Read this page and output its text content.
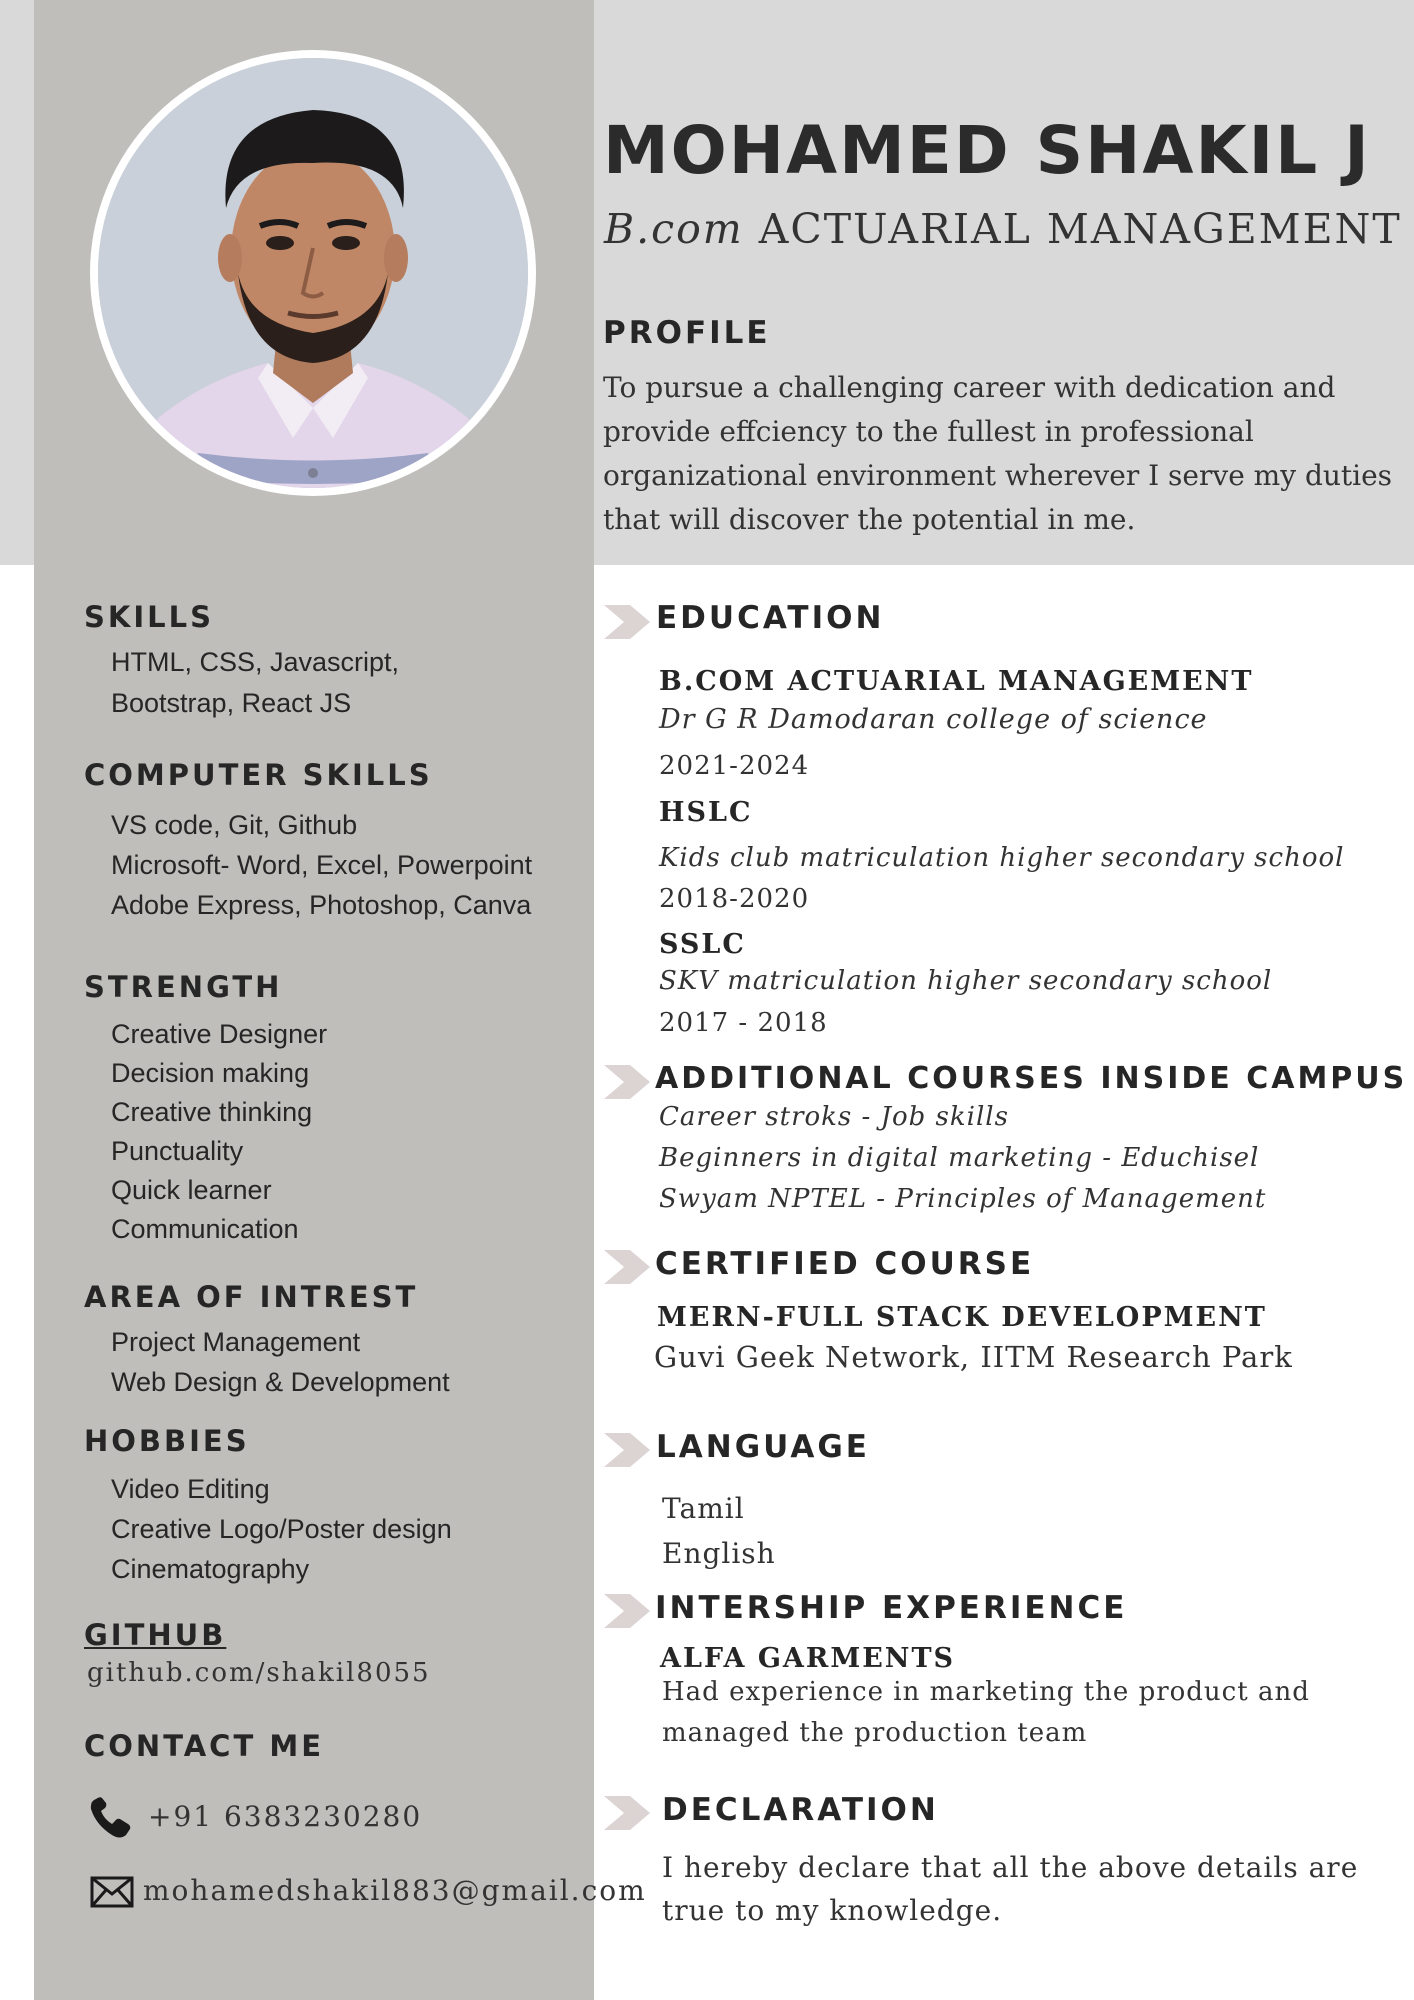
MOHAMED SHAKIL J
B.com ACTUARIAL MANAGEMENT
PROFILE

To pursue a challenging career with dedication and provide effciency to the fullest in professional organizational environment wherever I serve my duties that will discover the potential in me.

SKILLS
HTML, CSS, Javascript,
Bootstrap, React JS
COMPUTER SKILLS
VS code, Git, Github
Microsoft- Word, Excel, Powerpoint
Adobe Express, Photoshop, Canva
STRENGTH
Creative Designer
Decision making
Creative thinking
Punctuality
Quick learner
Communication
AREA OF INTREST
Project Management
Web Design & Development
HOBBIES
Video Editing
Creative Logo/Poster design
Cinematography
GITHUB
github.com/shakil8055
CONTACT ME
+91 6383230280
mohamedshakil883@gmail.com
EDUCATION
B.COM ACTUARIAL MANAGEMENT
Dr G R Damodaran college of science
2021-2024
HSLC
Kids club matriculation higher secondary school
2018-2020
SSLC
SKV matriculation higher secondary school
2017 - 2018
ADDITIONAL COURSES INSIDE CAMPUS
Career stroks - Job skills
Beginners in digital marketing - Educhisel
Swyam NPTEL - Principles of Management
CERTIFIED COURSE
MERN-FULL STACK DEVELOPMENT
Guvi Geek Network, IITM Research Park
LANGUAGE
Tamil
English
INTERSHIP EXPERIENCE
ALFA GARMENTS
Had experience in marketing the product and
managed the production team
DECLARATION
I hereby declare that all the above details are
true to my knowledge.
